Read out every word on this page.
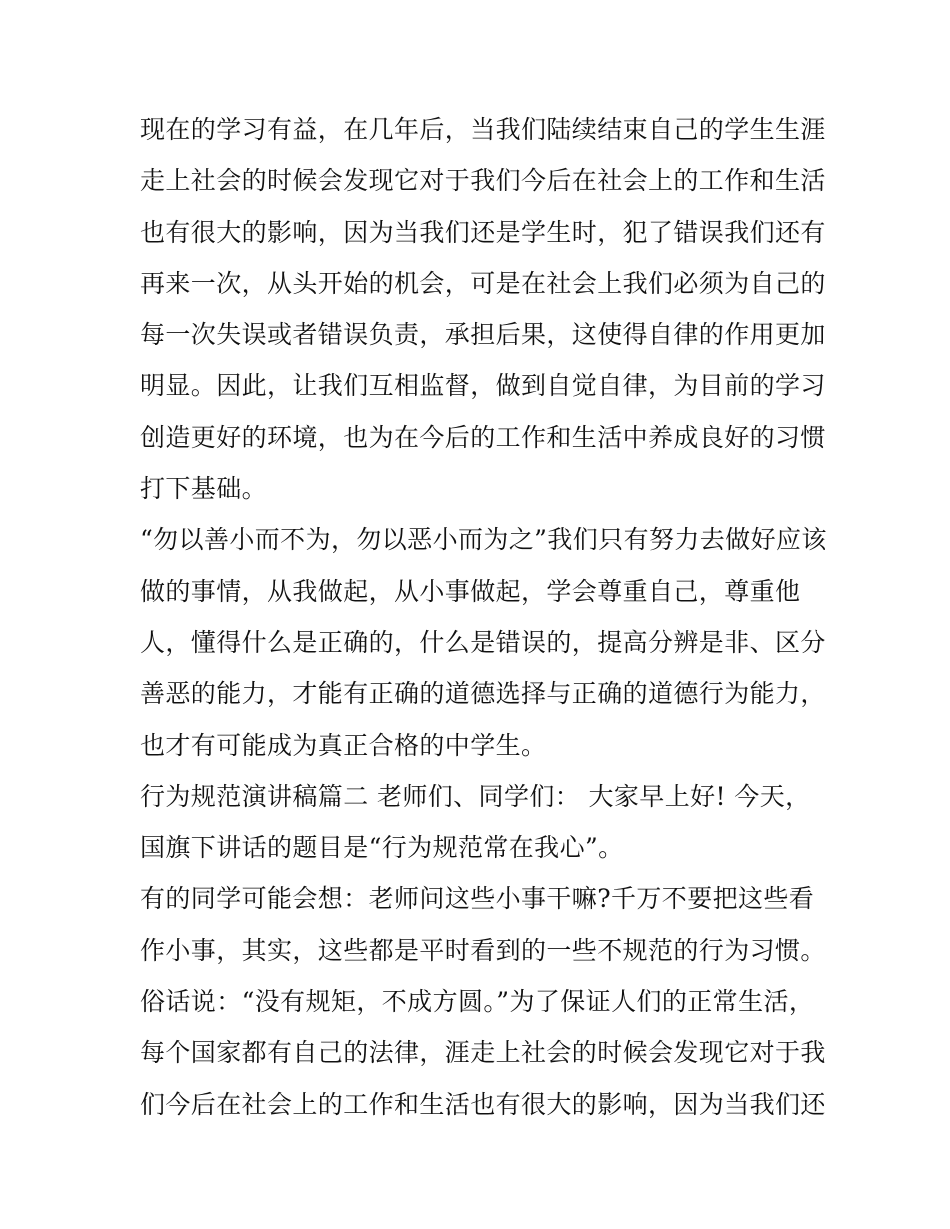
现在的学习有益，在几年后，当我们陆续结束自己的学生生涯
走上社会的时候会发现它对于我们今后在社会上的工作和生活
也有很大的影响，因为当我们还是学生时，犯了错误我们还有
再来一次，从头开始的机会，可是在社会上我们必须为自己的
每一次失误或者错误负责，承担后果，这使得自律的作用更加
明显。因此，让我们互相监督，做到自觉自律，为目前的学习
创造更好的环境，也为在今后的工作和生活中养成良好的习惯
打下基础。
“勿以善小而不为，勿以恶小而为之”我们只有努力去做好应该
做的事情，从我做起，从小事做起，学会尊重自己，尊重他
人，懂得什么是正确的，什么是错误的，提高分辨是非、区分
善恶的能力，才能有正确的道德选择与正确的道德行为能力，
也才有可能成为真正合格的中学生。
行为规范演讲稿篇二 老师们、同学们： 大家早上好! 今天，
国旗下讲话的题目是“行为规范常在我心”。
有的同学可能会想：老师问这些小事干嘛?千万不要把这些看
作小事，其实，这些都是平时看到的一些不规范的行为习惯。
俗话说：“没有规矩，不成方圆。”为了保证人们的正常生活，
每个国家都有自己的法律，涯走上社会的时候会发现它对于我
们今后在社会上的工作和生活也有很大的影响，因为当我们还
